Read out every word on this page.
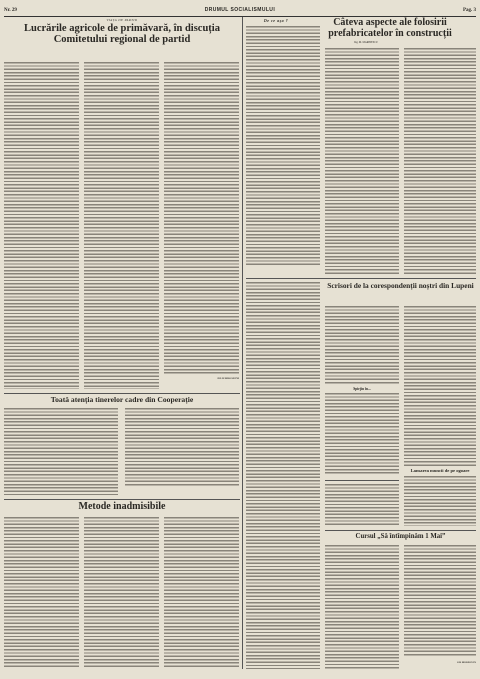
Nr. 29	DRUMUL SOCIALISMULUI	Pag. 3
VIAȚA DE PARTID
Lucrările agricole de primăvară, în discuția Comitetului regional de partid
IULIU BERCSENYI
Toată atenția tinerelor cadre din Cooperație
Metode inadmisibile
De ce așa ?	Câteva aspecte ale folosirii prefabricatelor în construcții
Ing. M. MARINESCU
Scrisori de la corespondenții noștri din Lupeni
Spirjin în...
Lansarea muncii de pe ogoare
Cursul „Să întîmpinăm 1 Mai”
GH. MOLDOVAN
